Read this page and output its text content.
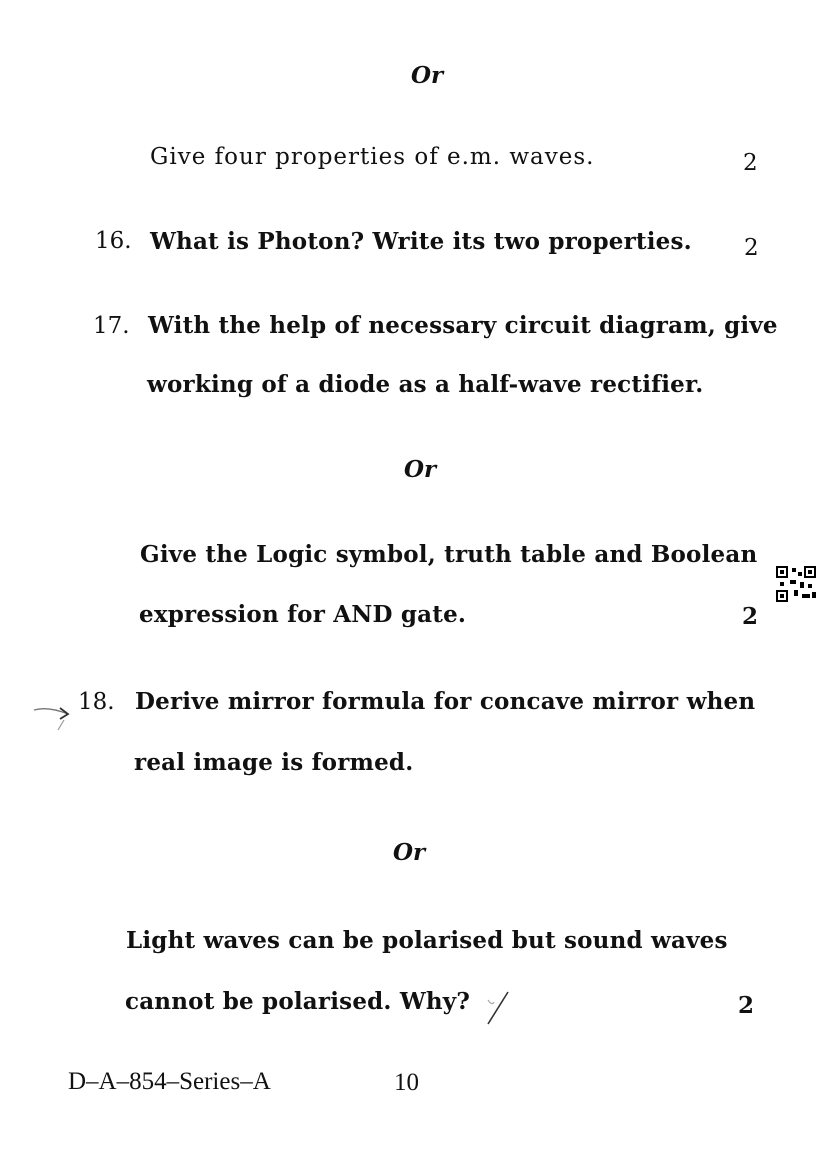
Or
Give four properties of e.m. waves.	2
16. What is Photon? Write its two properties. 2
17. With the help of necessary circuit diagram, give
working of a diode as a half-wave rectifier.
Or
Give the Logic symbol, truth table and Boolean
expression for AND gate.	2
18. Derive mirror formula for concave mirror when
real image is formed.
Or
Light waves can be polarised but sound waves
cannot be polarised. Why?	2
D–A–854–Series–A	10
